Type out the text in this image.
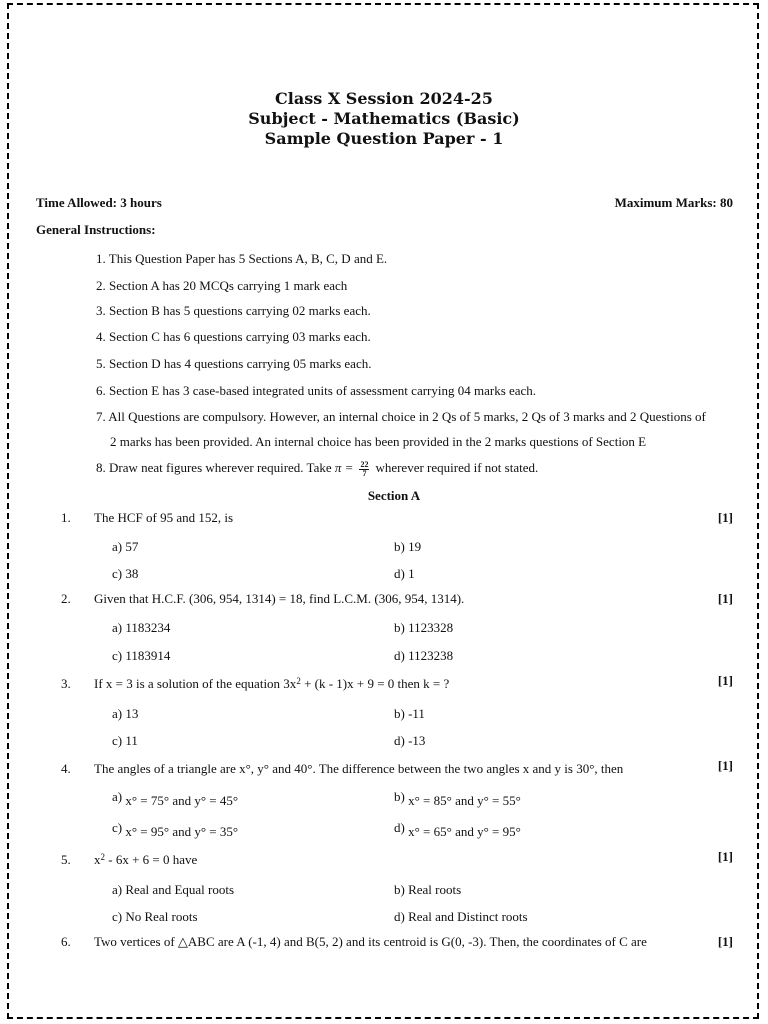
Class X Session 2024-25
Subject - Mathematics (Basic)
Sample Question Paper - 1
Time Allowed: 3 hours	Maximum Marks: 80
General Instructions:
1. This Question Paper has 5 Sections A, B, C, D and E.
2. Section A has 20 MCQs carrying 1 mark each
3. Section B has 5 questions carrying 02 marks each.
4. Section C has 6 questions carrying 03 marks each.
5. Section D has 4 questions carrying 05 marks each.
6. Section E has 3 case-based integrated units of assessment carrying 04 marks each.
7. All Questions are compulsory. However, an internal choice in 2 Qs of 5 marks, 2 Qs of 3 marks and 2 Questions of
2 marks has been provided. An internal choice has been provided in the 2 marks questions of Section E
8. Draw neat figures wherever required. Take $\pi = \frac{22}{7}$ wherever required if not stated.
Section A
1. The HCF of 95 and 152, is	[1]
a) 57	b) 19
c) 38	d) 1
2. Given that H.C.F. (306, 954, 1314) = 18, find L.C.M. (306, 954, 1314).	[1]
a) 1183234	b) 1123328
c) 1183914	d) 1123238
3. If x = 3 is a solution of the equation $3x^2 + (k - 1)x + 9 = 0$ then k = ?	[1]
a) 13	b) -11
c) 11	d) -13
4. The angles of a triangle are x°, y° and 40°. The difference between the two angles x and y is 30°, then	[1]
a) x° = 75° and y° = 45°	b) x° = 85° and y° = 55°
c) x° = 95° and y° = 35°	d) x° = 65° and y° = 95°
5. $x^2 - 6x + 6 = 0$ have	[1]
a) Real and Equal roots	b) Real roots
c) No Real roots	d) Real and Distinct roots
6. Two vertices of △ABC are A (-1, 4) and B(5, 2) and its centroid is G(0, -3). Then, the coordinates of C are	[1]
